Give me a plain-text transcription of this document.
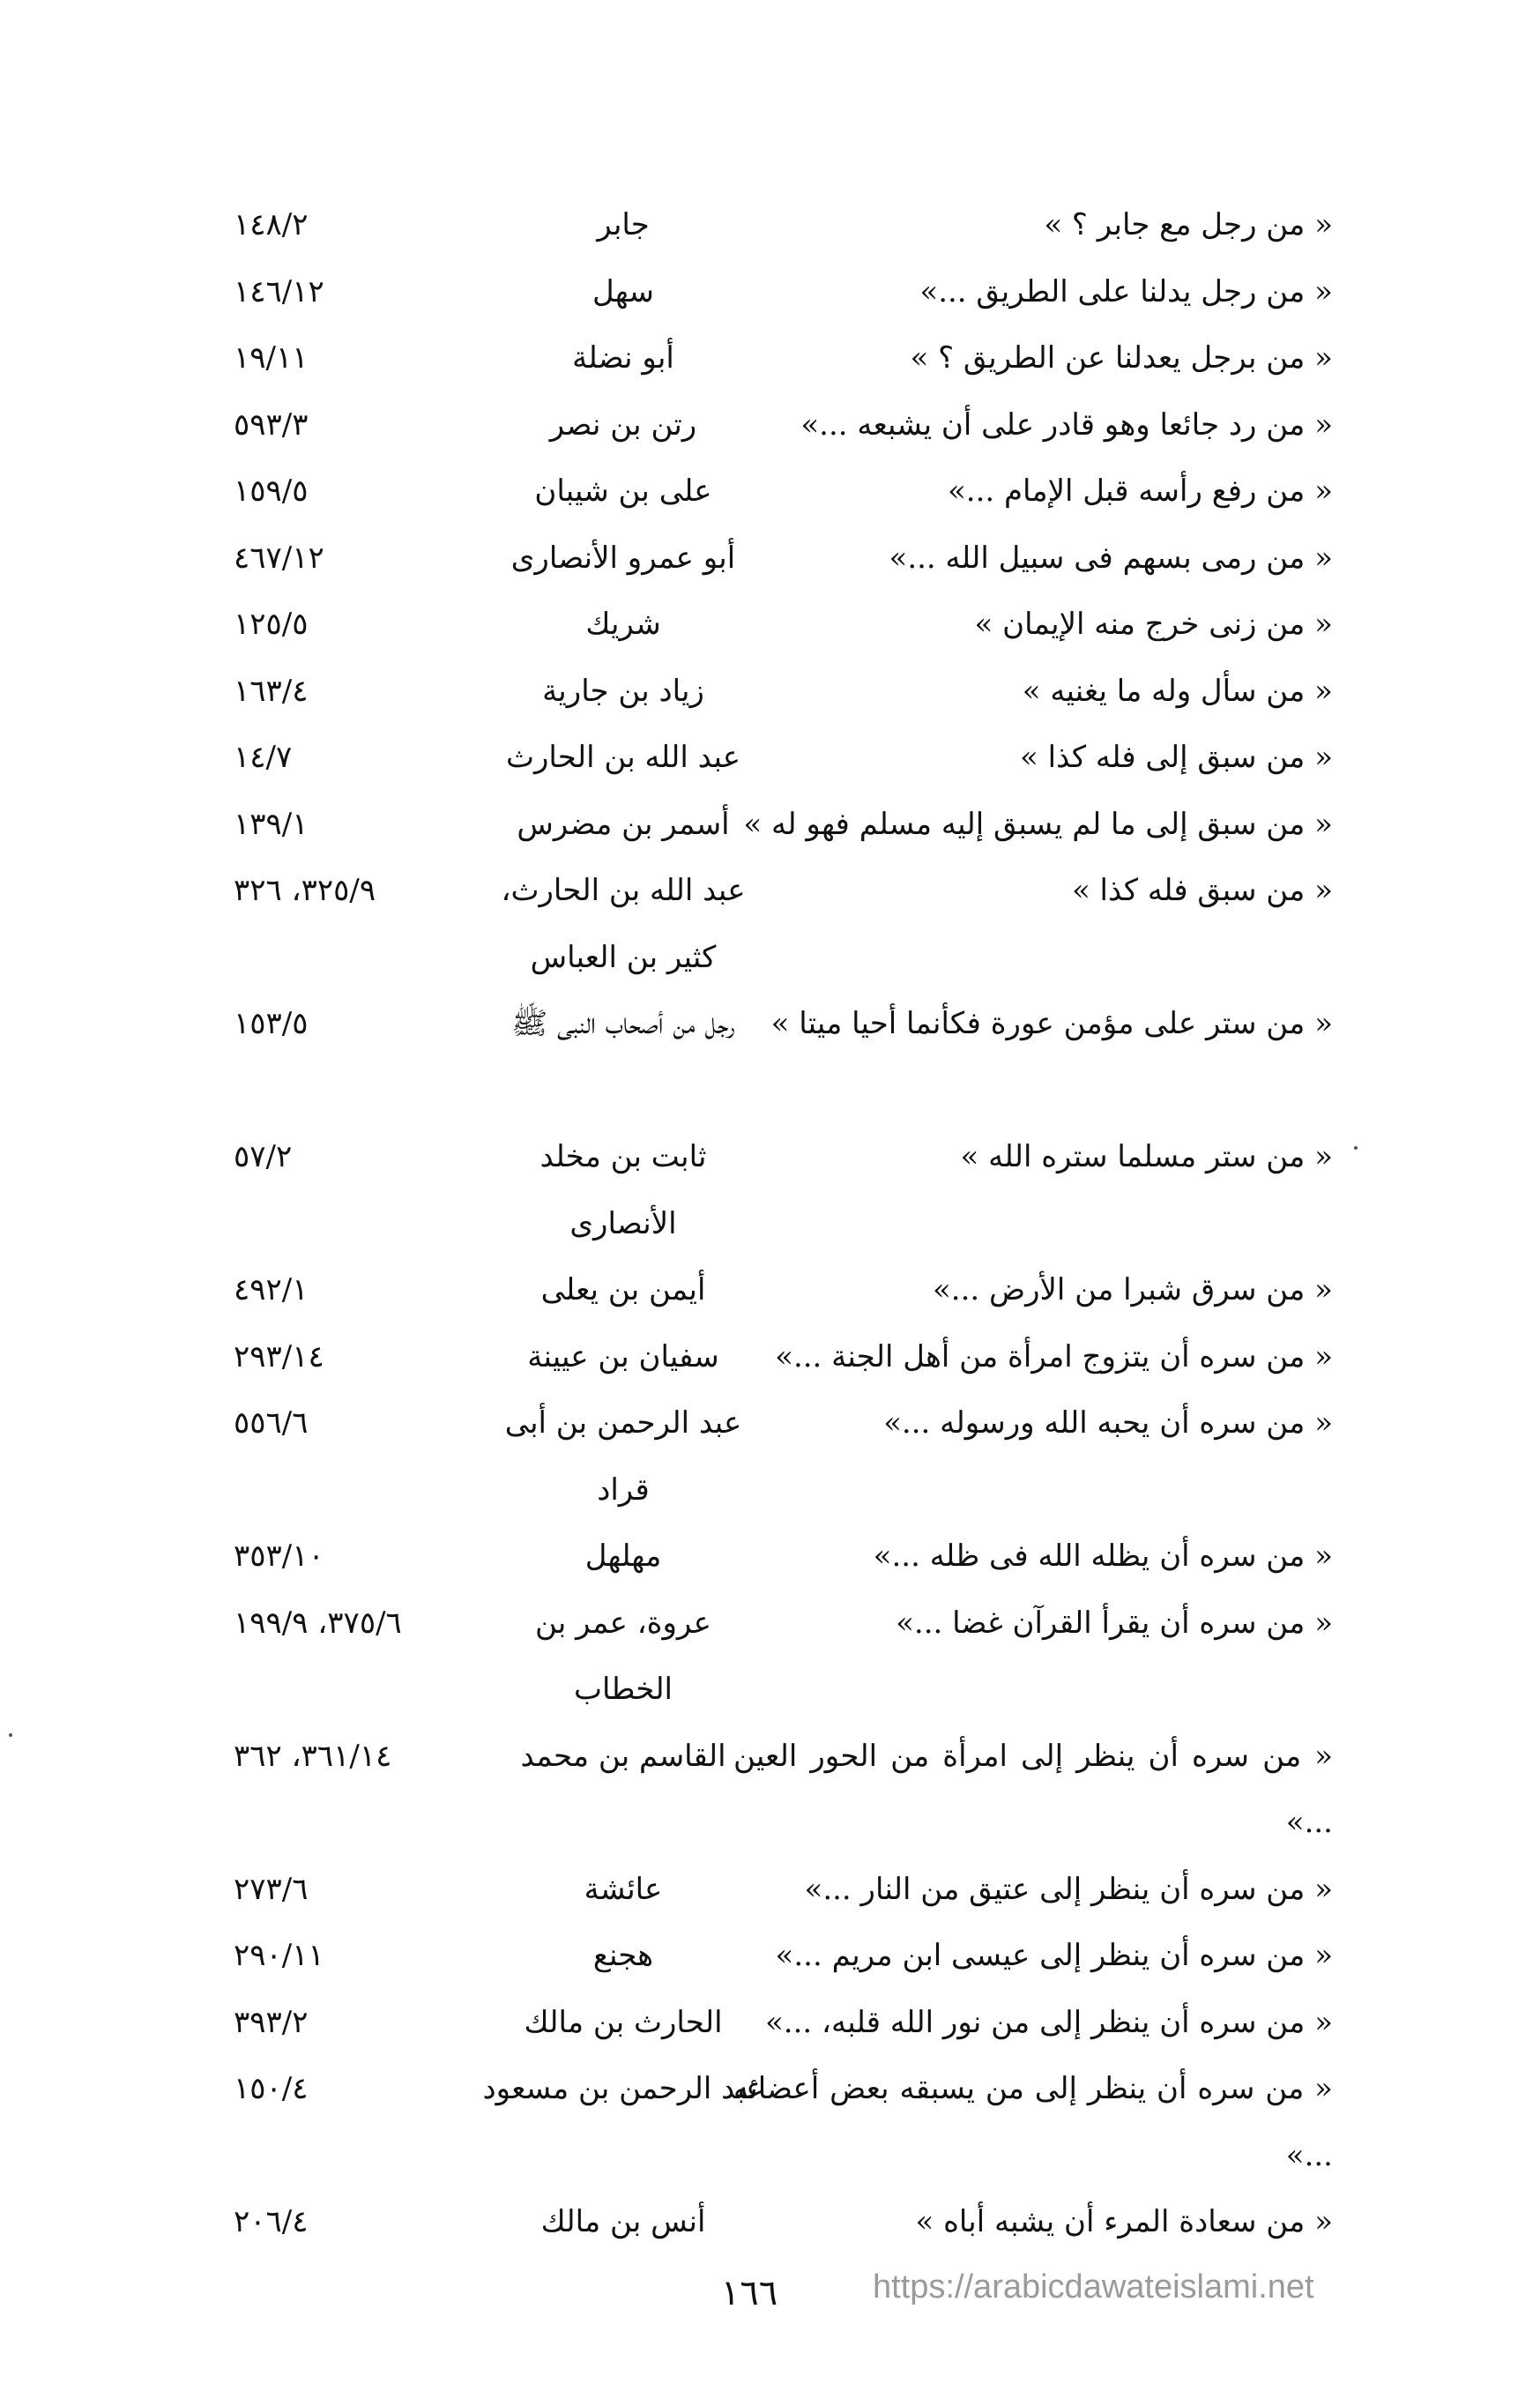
« من رجل مع جابر ؟ »
جابر
١٤٨/٢
« من رجل يدلنا على الطريق ...»
سهل
١٤٦/١٢
« من برجل يعدلنا عن الطريق ؟ »
أبو نضلة
١٩/١١
« من رد جائعا وهو قادر على أن يشبعه ...»
رتن بن نصر
٥٩٣/٣
« من رفع رأسه قبل الإمام ...»
على بن شيبان
١٥٩/٥
« من رمى بسهم فى سبيل الله ...»
أبو عمرو الأنصارى
٤٦٧/١٢
« من زنى خرج منه الإيمان »
شريك
١٢٥/٥
« من سأل وله ما يغنيه »
زياد بن جارية
١٦٣/٤
« من سبق إلى فله كذا »
عبد الله بن الحارث
١٤/٧
« من سبق إلى ما لم يسبق إليه مسلم فهو له »
أسمر بن مضرس
١٣٩/١
« من سبق فله كذا »
عبد الله بن الحارث، كثير بن العباس
٣٢٥/٩، ٣٢٦
« من ستر على مؤمن عورة فكأنما أحيا ميتا »
رجل من أصحاب النبى ﷺ
١٥٣/٥
« من ستر مسلما ستره الله »
ثابت بن مخلد الأنصارى
٥٧/٢
« من سرق شبرا من الأرض ...»
أيمن بن يعلى
٤٩٢/١
« من سره أن يتزوج امرأة من أهل الجنة ...»
سفيان بن عيينة
٢٩٣/١٤
« من سره أن يحبه الله ورسوله ...»
عبد الرحمن بن أبى قراد
٥٥٦/٦
« من سره أن يظله الله فى ظله ...»
مهلهل
٣٥٣/١٠
« من سره أن يقرأ القرآن غضا ...»
عروة، عمر بن الخطاب
٣٧٥/٦، ١٩٩/٩
« من سره أن ينظر إلى امرأة من الحور العين ...»
القاسم بن محمد
٣٦١/١٤، ٣٦٢
« من سره أن ينظر إلى عتيق من النار ...»
عائشة
٢٧٣/٦
« من سره أن ينظر إلى عيسى ابن مريم ...»
هجنع
٢٩٠/١١
« من سره أن ينظر إلى من نور الله قلبه، ...»
الحارث بن مالك
٣٩٣/٢
« من سره أن ينظر إلى من يسبقه بعض أعضائه ...»
عبد الرحمن بن مسعود
١٥٠/٤
« من سعادة المرء أن يشبه أباه »
أنس بن مالك
٢٠٦/٤
١٦٦	https://arabicdawateislami.net
